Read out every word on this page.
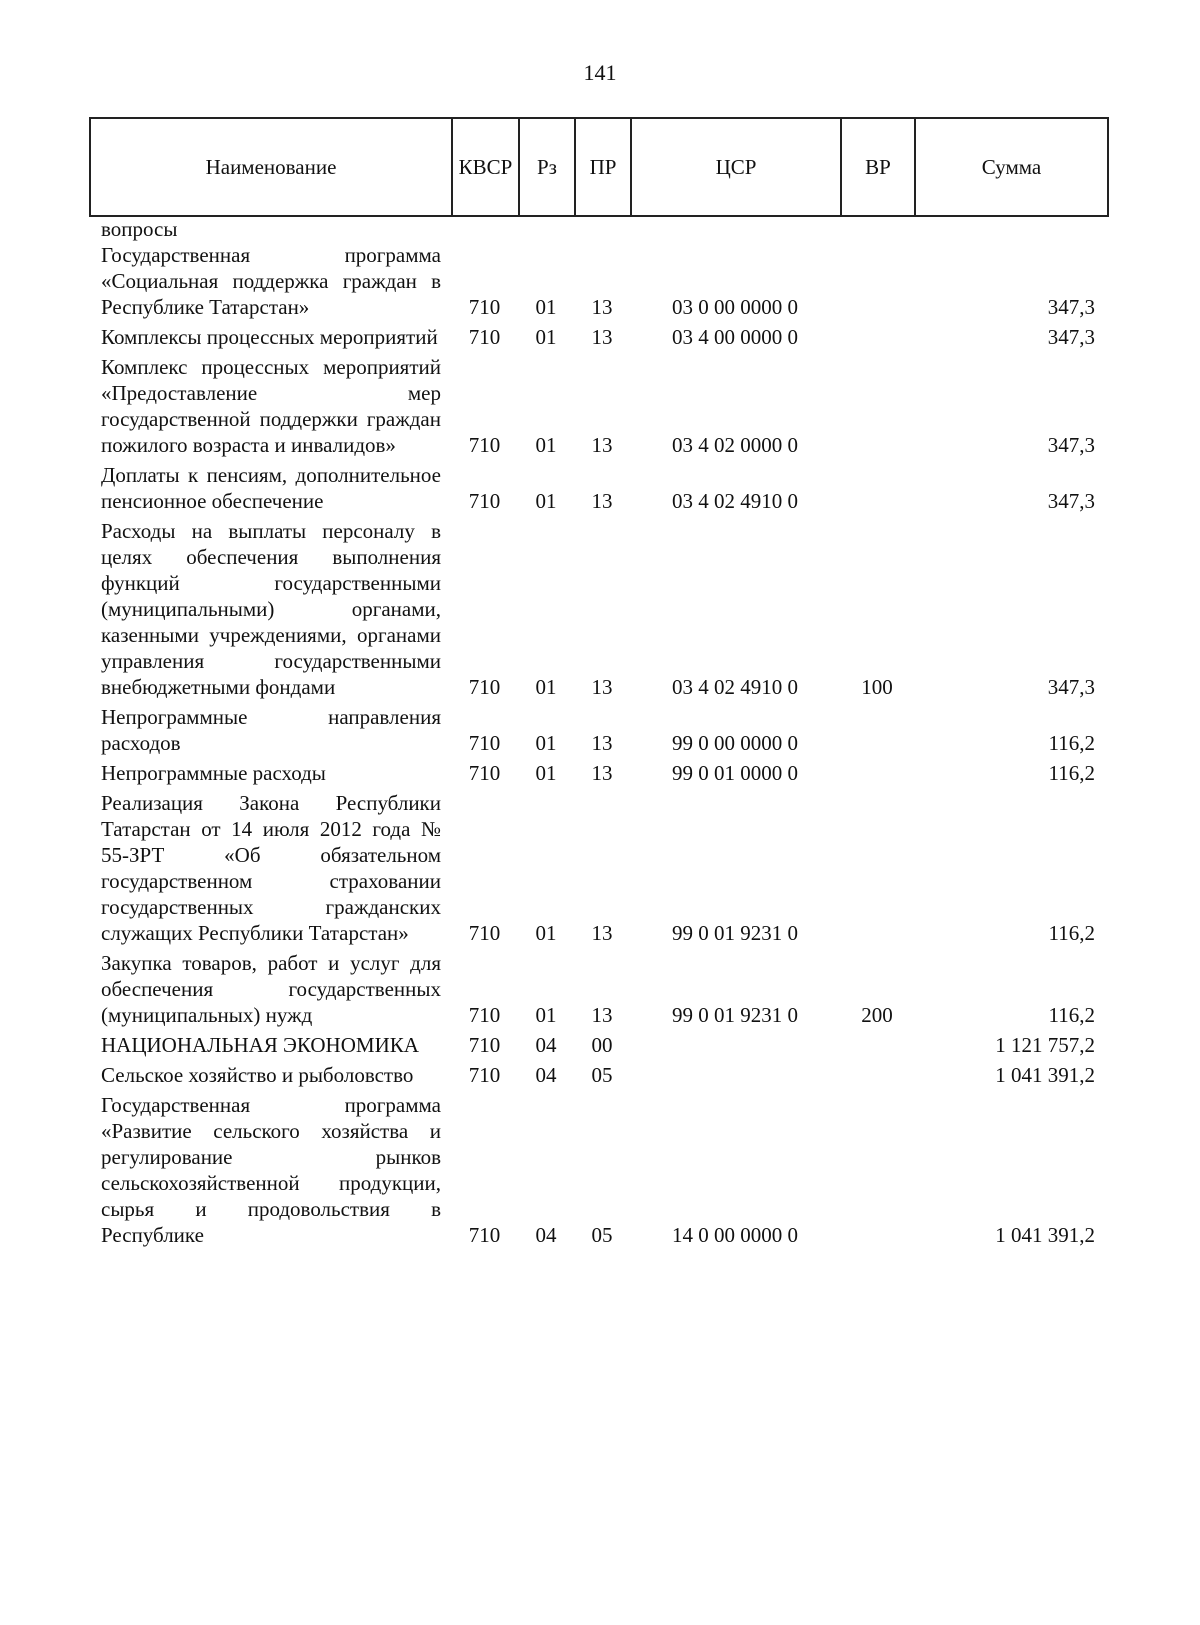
141
Наименование	КВСР	Рз	ПР	ЦСР	ВР	Сумма
вопросы						

Государственная программа «Социальная поддержка граждан в Республике Татарстан»	710	01	13	03 0 00 0000 0		347,3

Комплексы процессных мероприятий	710	01	13	03 4 00 0000 0		347,3

Комплекс процессных мероприятий «Предоставление мер государственной поддержки граждан пожилого возраста и инвалидов»	710	01	13	03 4 02 0000 0		347,3

Доплаты к пенсиям, дополнительное пенсионное обеспечение	710	01	13	03 4 02 4910 0		347,3

Расходы на выплаты персоналу в целях обеспечения выполнения функций государственными (муниципальными) органами, казенными учреждениями, органами управления государственными внебюджетными фондами	710	01	13	03 4 02 4910 0	100	347,3

Непрограммные направления расходов	710	01	13	99 0 00 0000 0		116,2

Непрограммные расходы	710	01	13	99 0 01 0000 0		116,2

Реализация Закона Республики Татарстан от 14 июля 2012 года № 55-ЗРТ «Об обязательном государственном страховании государственных гражданских служащих Республики Татарстан»	710	01	13	99 0 01 9231 0		116,2

Закупка товаров, работ и услуг для обеспечения государственных (муниципальных) нужд	710	01	13	99 0 01 9231 0	200	116,2

НАЦИОНАЛЬНАЯ ЭКОНОМИКА	710	04	00			1 121 757,2

Сельское хозяйство и рыболовство	710	04	05			1 041 391,2

Государственная программа «Развитие сельского хозяйства и регулирование рынков сельскохозяйственной продукции, сырья и продовольствия в Республике	710	04	05	14 0 00 0000 0		1 041 391,2
